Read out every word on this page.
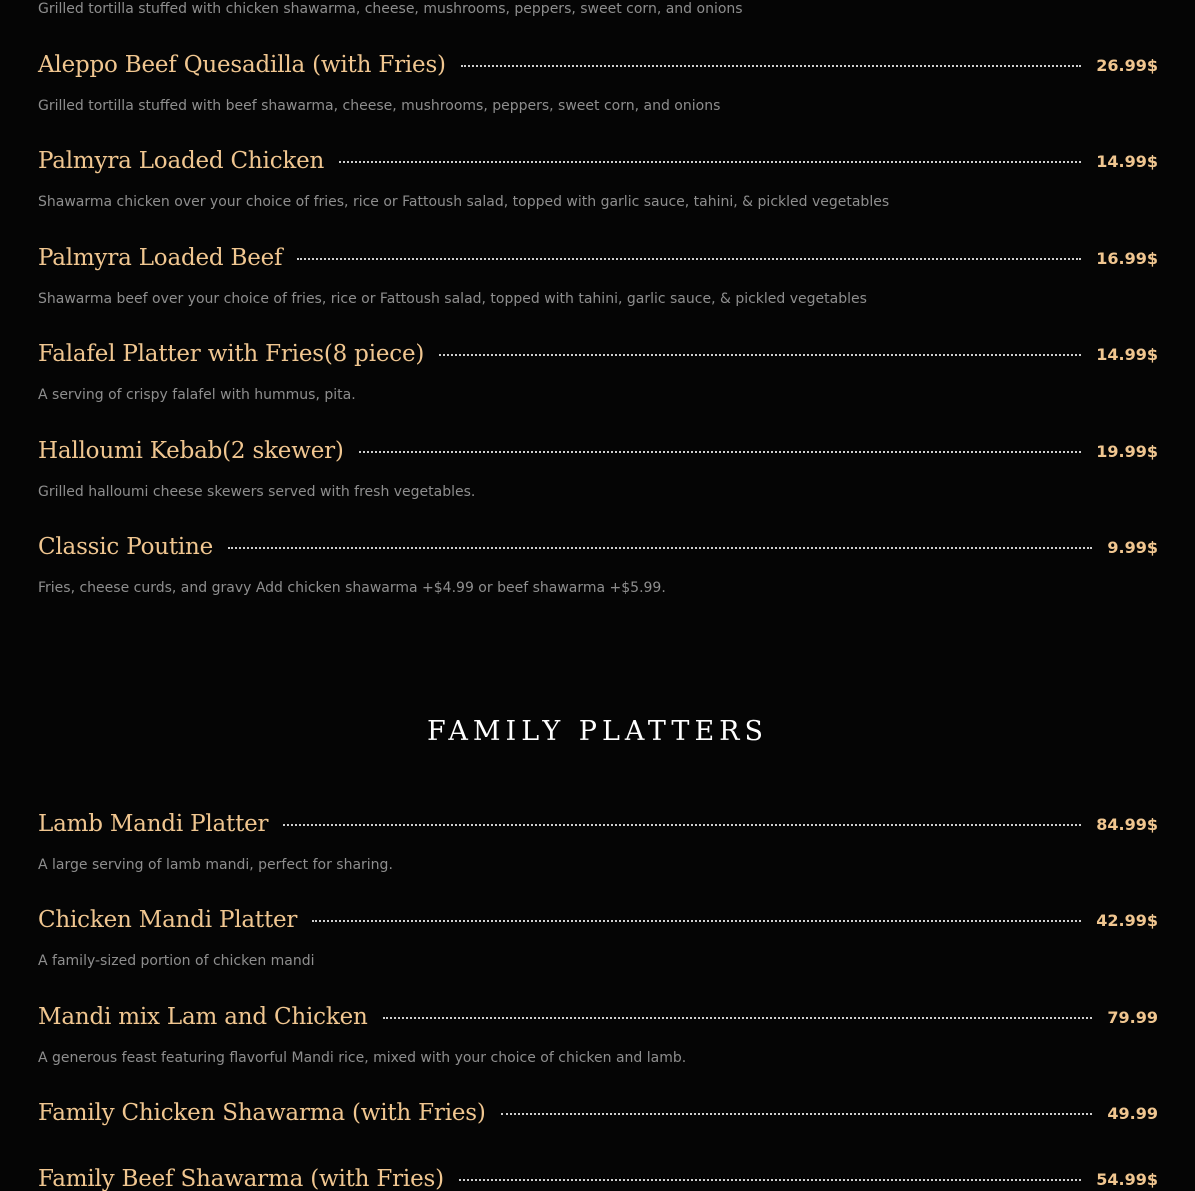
Grilled tortilla stuffed with chicken shawarma, cheese, mushrooms, peppers, sweet corn, and onions
Aleppo Beef Quesadilla (with Fries)	26.99$
Grilled tortilla stuffed with beef shawarma, cheese, mushrooms, peppers, sweet corn, and onions
Palmyra Loaded Chicken	14.99$
Shawarma chicken over your choice of fries, rice or Fattoush salad, topped with garlic sauce, tahini, & pickled vegetables
Palmyra Loaded Beef	16.99$
Shawarma beef over your choice of fries, rice or Fattoush salad, topped with tahini, garlic sauce, & pickled vegetables
Falafel Platter with Fries(8 piece)	14.99$
A serving of crispy falafel with hummus, pita.
Halloumi Kebab(2 skewer)	19.99$
Grilled halloumi cheese skewers served with fresh vegetables.
Classic Poutine	9.99$
Fries, cheese curds, and gravy Add chicken shawarma +$4.99 or beef shawarma +$5.99.
FAMILY PLATTERS
Lamb Mandi Platter	84.99$
A large serving of lamb mandi, perfect for sharing.
Chicken Mandi Platter	42.99$
A family-sized portion of chicken mandi
Mandi mix Lam and Chicken	79.99
A generous feast featuring flavorful Mandi rice, mixed with your choice of chicken and lamb.
Family Chicken Shawarma (with Fries)	49.99
Family Beef Shawarma (with Fries)	54.99$
